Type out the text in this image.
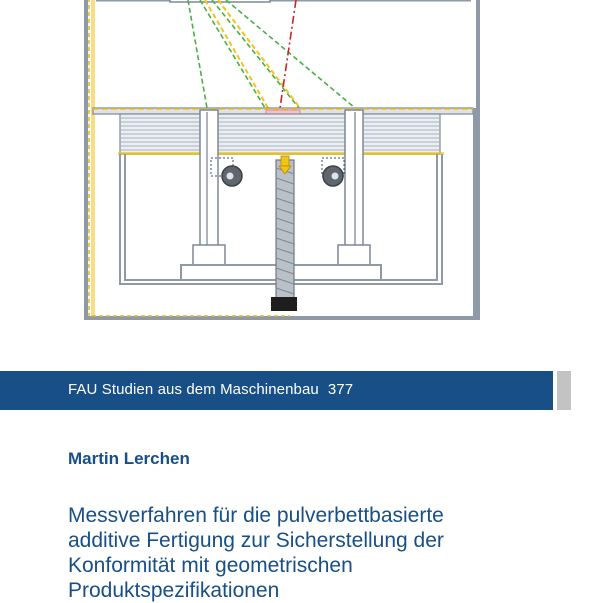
FAU Studien aus dem Maschinenbau 377
Martin Lerchen
Messverfahren für die pulverbettbasierte
additive Fertigung zur Sicherstellung der
Konformität mit geometrischen
Produktspezifikationen
